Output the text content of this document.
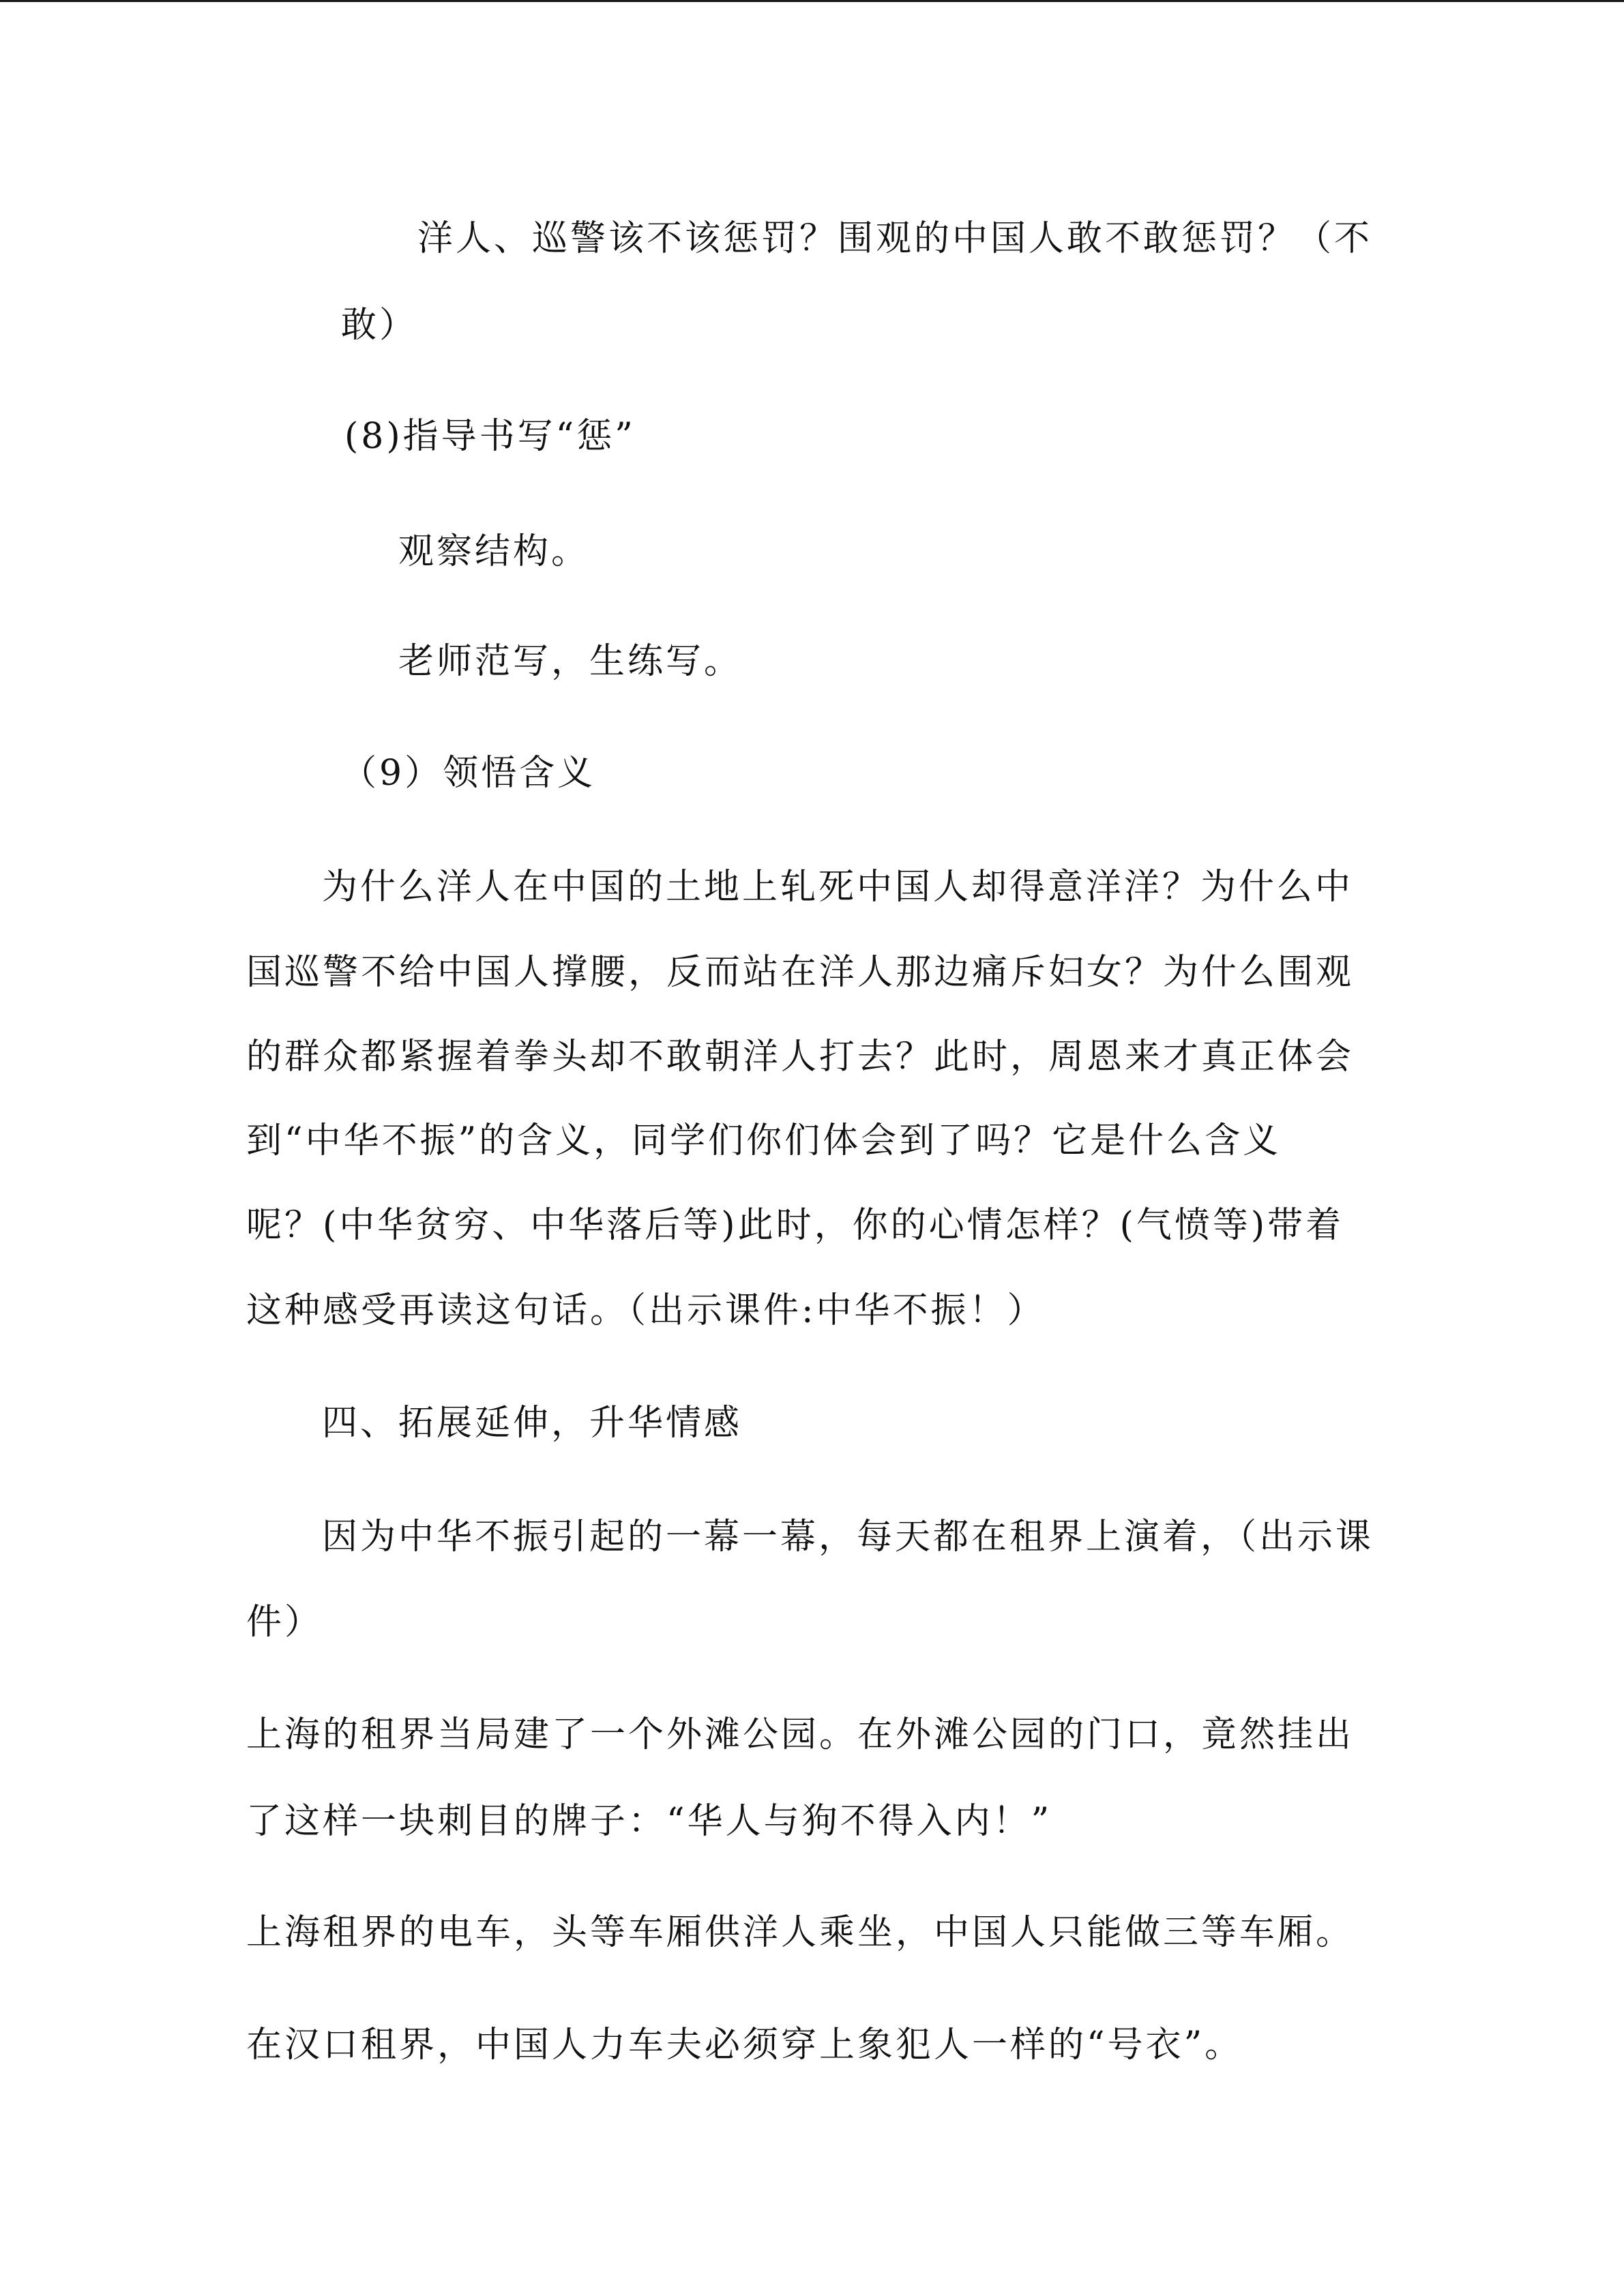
洋人、巡警该不该惩罚？围观的中国人敢不敢惩罚？（不
敢）
(8)指导书写“惩”
观察结构。
老师范写，生练写。
（9）领悟含义
为什么洋人在中国的土地上轧死中国人却得意洋洋？为什么中
国巡警不给中国人撑腰，反而站在洋人那边痛斥妇女？为什么围观
的群众都紧握着拳头却不敢朝洋人打去？此时，周恩来才真正体会
到“中华不振”的含义，同学们你们体会到了吗？它是什么含义
呢？(中华贫穷、中华落后等)此时，你的心情怎样？(气愤等)带着
这种感受再读这句话。（出示课件:中华不振！）
四、拓展延伸，升华情感
因为中华不振引起的一幕一幕，每天都在租界上演着，（出示课
件）
上海的租界当局建了一个外滩公园。在外滩公园的门口，竟然挂出
了这样一块刺目的牌子：“华人与狗不得入内！”
上海租界的电车，头等车厢供洋人乘坐，中国人只能做三等车厢。
在汉口租界，中国人力车夫必须穿上象犯人一样的“号衣”。
